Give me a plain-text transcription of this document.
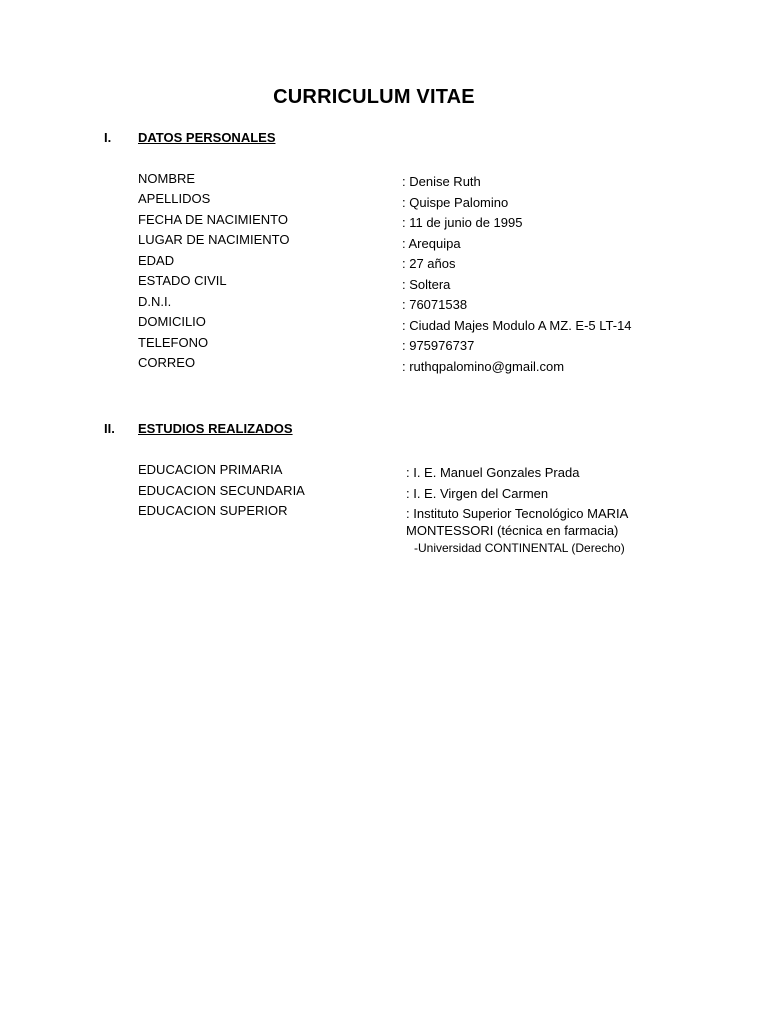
CURRICULUM VITAE
I. DATOS PERSONALES
NOMBRE	: Denise Ruth
APELLIDOS	: Quispe Palomino
FECHA DE NACIMIENTO	: 11 de junio de 1995
LUGAR DE NACIMIENTO	: Arequipa
EDAD	: 27 años
ESTADO CIVIL	: Soltera
D.N.I.	: 76071538
DOMICILIO	: Ciudad Majes Modulo A MZ. E-5 LT-14
TELEFONO	: 975976737
CORREO	: ruthqpalomino@gmail.com
II. ESTUDIOS REALIZADOS
EDUCACION PRIMARIA	: I. E. Manuel Gonzales Prada
EDUCACION SECUNDARIA	: I. E. Virgen del Carmen
EDUCACION SUPERIOR	: Instituto Superior Tecnológico MARIA MONTESSORI (técnica en farmacia)
-Universidad CONTINENTAL (Derecho)
